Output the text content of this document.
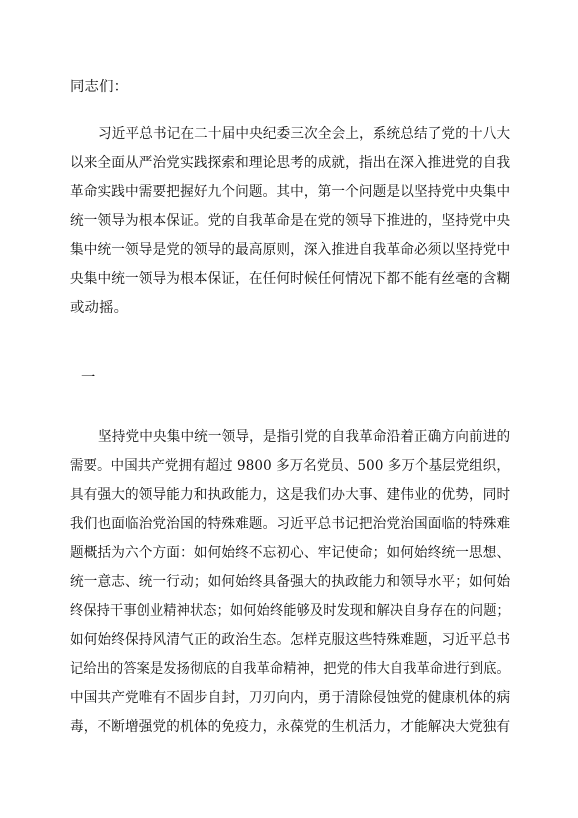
同志们：
习近平总书记在二十届中央纪委三次全会上，系统总结了党的十八大
以来全面从严治党实践探索和理论思考的成就，指出在深入推进党的自我
革命实践中需要把握好九个问题。其中，第一个问题是以坚持党中央集中
统一领导为根本保证。党的自我革命是在党的领导下推进的，坚持党中央
集中统一领导是党的领导的最高原则，深入推进自我革命必须以坚持党中
央集中统一领导为根本保证，在任何时候任何情况下都不能有丝毫的含糊
或动摇。
一
坚持党中央集中统一领导，是指引党的自我革命沿着正确方向前进的
需要。中国共产党拥有超过 9800 多万名党员、500 多万个基层党组织，
具有强大的领导能力和执政能力，这是我们办大事、建伟业的优势，同时
我们也面临治党治国的特殊难题。习近平总书记把治党治国面临的特殊难
题概括为六个方面：如何始终不忘初心、牢记使命；如何始终统一思想、
统一意志、统一行动；如何始终具备强大的执政能力和领导水平；如何始
终保持干事创业精神状态；如何始终能够及时发现和解决自身存在的问题；
如何始终保持风清气正的政治生态。怎样克服这些特殊难题，习近平总书
记给出的答案是发扬彻底的自我革命精神，把党的伟大自我革命进行到底。
中国共产党唯有不固步自封，刀刃向内，勇于清除侵蚀党的健康机体的病
毒，不断增强党的机体的免疫力，永葆党的生机活力，才能解决大党独有
